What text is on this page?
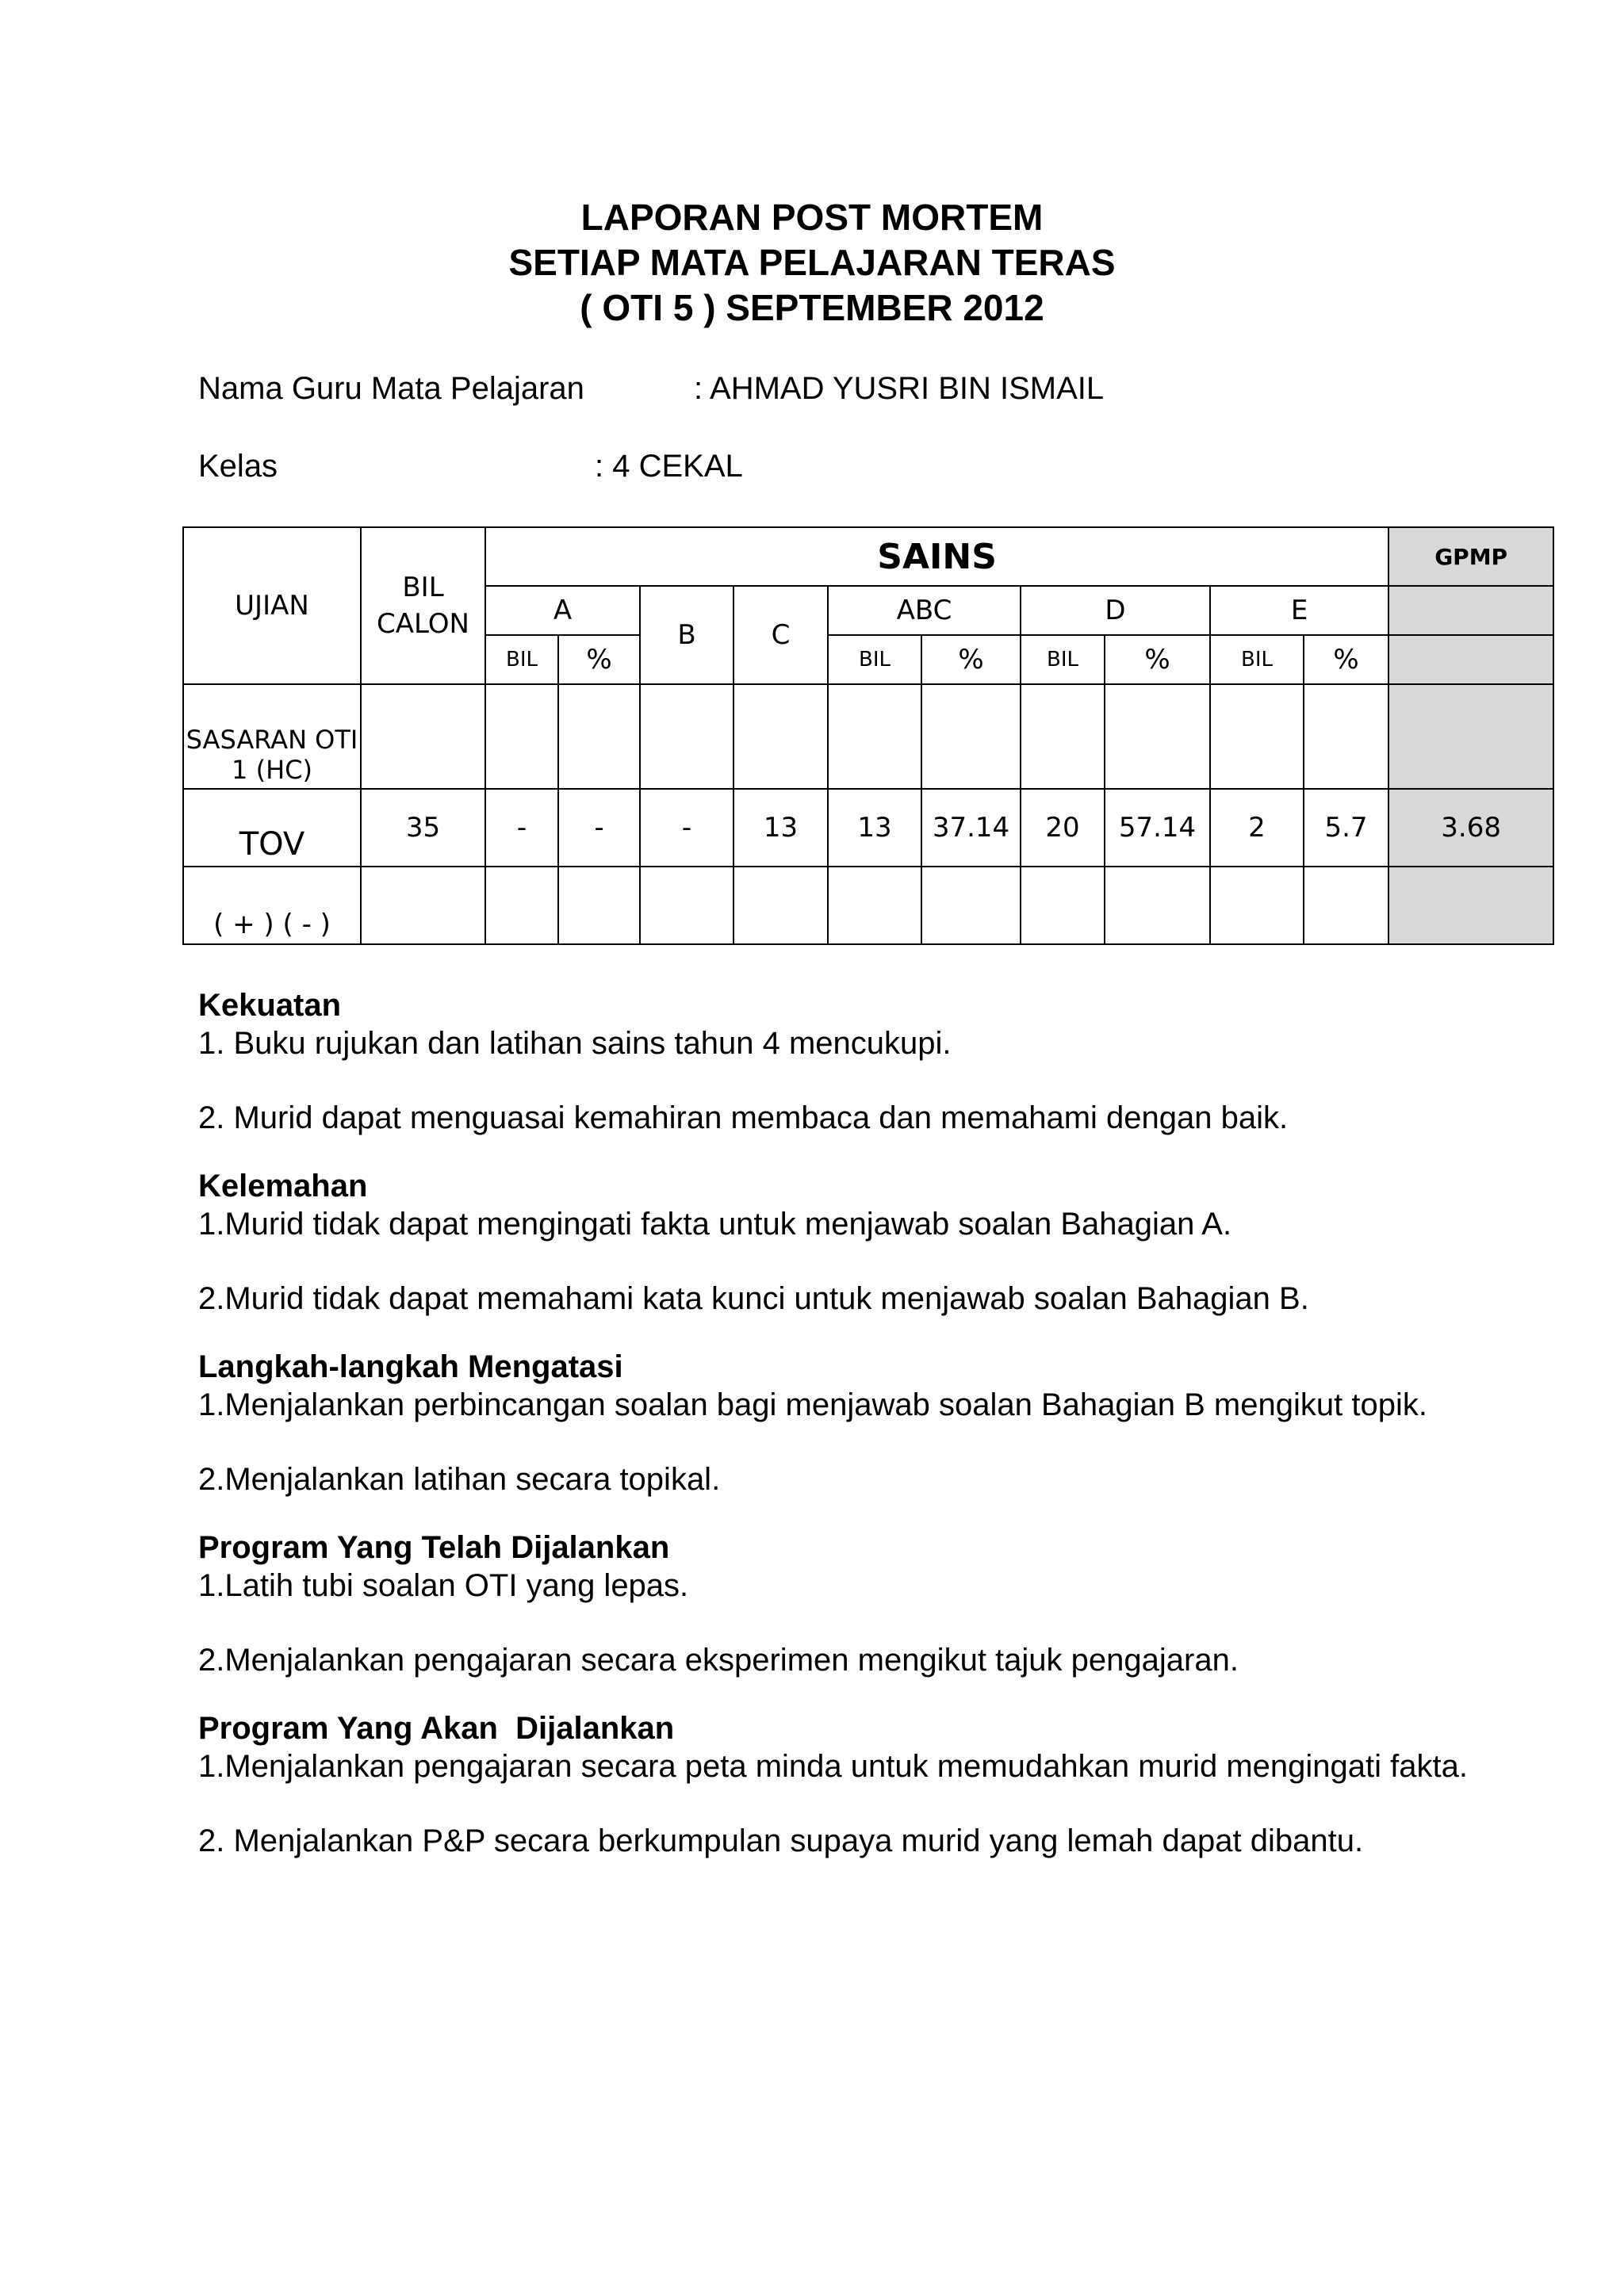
LAPORAN POST MORTEM
SETIAP MATA PELAJARAN TERAS
( OTI 5 ) SEPTEMBER 2012
Nama Guru Mata Pelajaran	: AHMAD YUSRI BIN ISMAIL
Kelas	: 4 CEKAL
UJIAN	BIL CALON	SAINS										GPMP
		A		B	C	ABC		D		E		
		BIL	%			BIL	%	BIL	%	BIL	%	
SASARAN OTI 1 (HC)												
TOV	35	-	-	-	13	13	37.14	20	57.14	2	5.7	3.68
( + ) ( - )												
Kekuatan

1. Buku rujukan dan latihan sains tahun 4 mencukupi.

2. Murid dapat menguasai kemahiran membaca dan memahami dengan baik.

Kelemahan

1.Murid tidak dapat mengingati fakta untuk menjawab soalan Bahagian A.

2.Murid tidak dapat memahami kata kunci untuk menjawab soalan Bahagian B.

Langkah-langkah Mengatasi

1.Menjalankan perbincangan soalan bagi menjawab soalan Bahagian B mengikut topik.

2.Menjalankan latihan secara topikal.

Program Yang Telah Dijalankan

1.Latih tubi soalan OTI yang lepas.

2.Menjalankan pengajaran secara eksperimen mengikut tajuk pengajaran.

Program Yang Akan  Dijalankan

1.Menjalankan pengajaran secara peta minda untuk memudahkan murid mengingati fakta.

2. Menjalankan P&P secara berkumpulan supaya murid yang lemah dapat dibantu.
